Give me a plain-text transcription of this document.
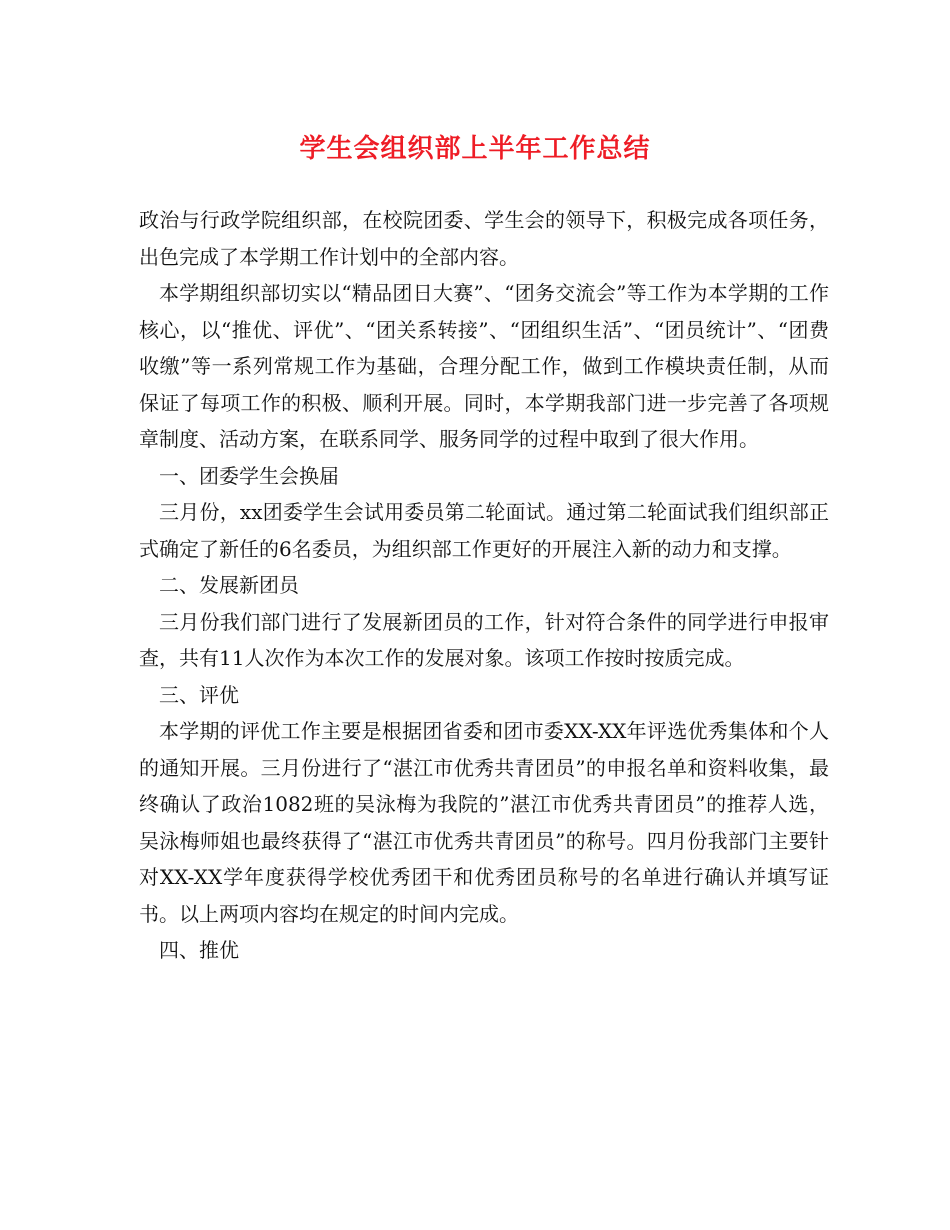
学生会组织部上半年工作总结

政治与行政学院组织部，在校院团委、学生会的领导下，积极完成各项任务，出色完成了本学期工作计划中的全部内容。

本学期组织部切实以“精品团日大赛”、“团务交流会”等工作为本学期的工作核心，以“推优、评优”、“团关系转接”、“团组织生活”、“团员统计”、“团费收缴”等一系列常规工作为基础，合理分配工作，做到工作模块责任制，从而保证了每项工作的积极、顺利开展。同时，本学期我部门进一步完善了各项规章制度、活动方案，在联系同学、服务同学的过程中取到了很大作用。

一、团委学生会换届

三月份，xx团委学生会试用委员第二轮面试。通过第二轮面试我们组织部正式确定了新任的6名委员，为组织部工作更好的开展注入新的动力和支撑。

二、发展新团员

三月份我们部门进行了发展新团员的工作，针对符合条件的同学进行申报审查，共有11人次作为本次工作的发展对象。该项工作按时按质完成。

三、评优

本学期的评优工作主要是根据团省委和团市委XX-XX年评选优秀集体和个人的通知开展。三月份进行了“湛江市优秀共青团员”的申报名单和资料收集，最终确认了政治1082班的吴泳梅为我院的”湛江市优秀共青团员”的推荐人选，吴泳梅师姐也最终获得了“湛江市优秀共青团员”的称号。四月份我部门主要针对XX-XX学年度获得学校优秀团干和优秀团员称号的名单进行确认并填写证书。以上两项内容均在规定的时间内完成。

四、推优
